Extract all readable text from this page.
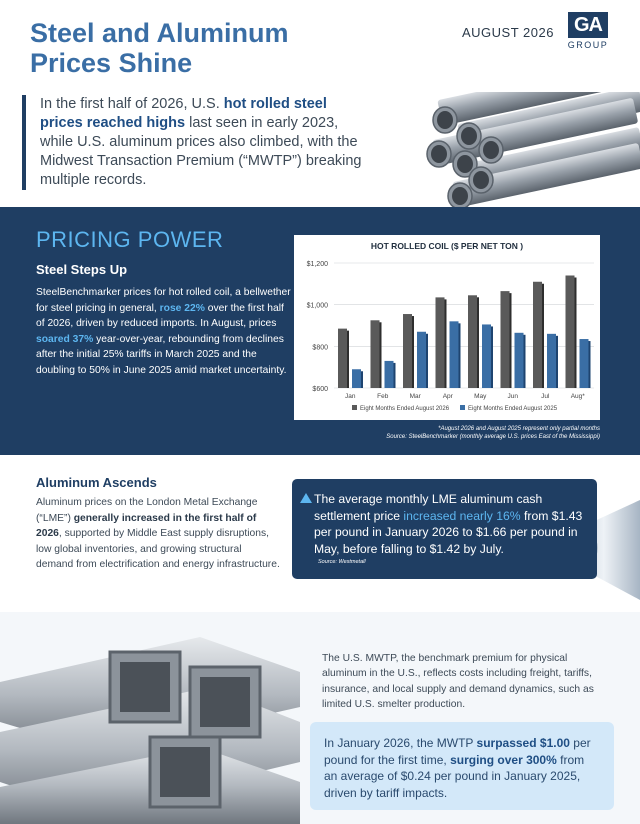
Steel and Aluminum
Prices Shine
AUGUST 2026	GA
GROUP
In the first half of 2026, U.S. hot rolled steel prices reached highs last seen in early 2023, while U.S. aluminum prices also climbed, with the Midwest Transaction Premium (“MWTP”) breaking multiple records.
PRICING POWER
Steel Steps Up
SteelBenchmarker prices for hot rolled coil, a bellwether for steel pricing in general, rose 22% over the first half of 2026, driven by reduced imports. In August, prices soared 37% year-over-year, rebounding from declines after the initial 25% tariffs in March 2025 and the doubling to 50% in June 2025 amid market uncertainty.
HOT ROLLED COIL ($ PER NET TON )
$600
$800
$1,000
$1,200
Jan	Feb	Mar	Apr	May	Jun	Jul	Aug*
Eight Months Ended August 2026	Eight Months Ended August 2025
*August 2026 and August 2025 represent only partial months
Source: SteelBenchmarker (monthly average U.S. prices East of the Mississippi)
Aluminum Ascends
Aluminum prices on the London Metal Exchange (“LME”) generally increased in the first half of 2026, supported by Middle East supply disruptions, low global inventories, and growing structural demand from electrification and energy infrastructure.
The average monthly LME aluminum cash settlement price increased nearly 16% from $1.43 per pound in January 2026 to $1.66 per pound in May, before falling to $1.42 by July.
Source: Westmetall
The U.S. MWTP, the benchmark premium for physical aluminum in the U.S., reflects costs including freight, tariffs, insurance, and local supply and demand dynamics, such as limited U.S. smelter production.
In January 2026, the MWTP surpassed $1.00 per pound for the first time, surging over 300% from an average of $0.24 per pound in January 2025, driven by tariff impacts.
